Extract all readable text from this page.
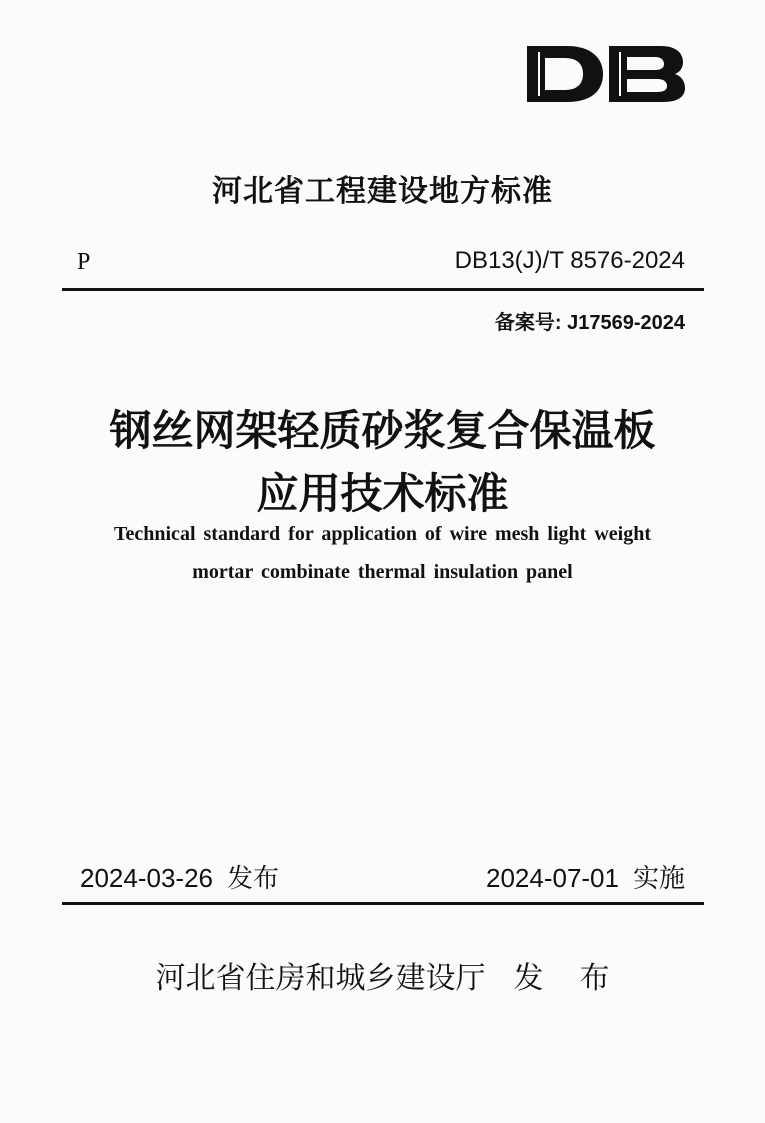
河北省工程建设地方标准
P	DB13(J)/T 8576-2024
备案号: J17569-2024
钢丝网架轻质砂浆复合保温板
应用技术标准
Technical standard for application of wire mesh light weight
mortar combinate thermal insulation panel
2024-03-26 发布	2024-07-01 实施
河北省住房和城乡建设厅 发 布
